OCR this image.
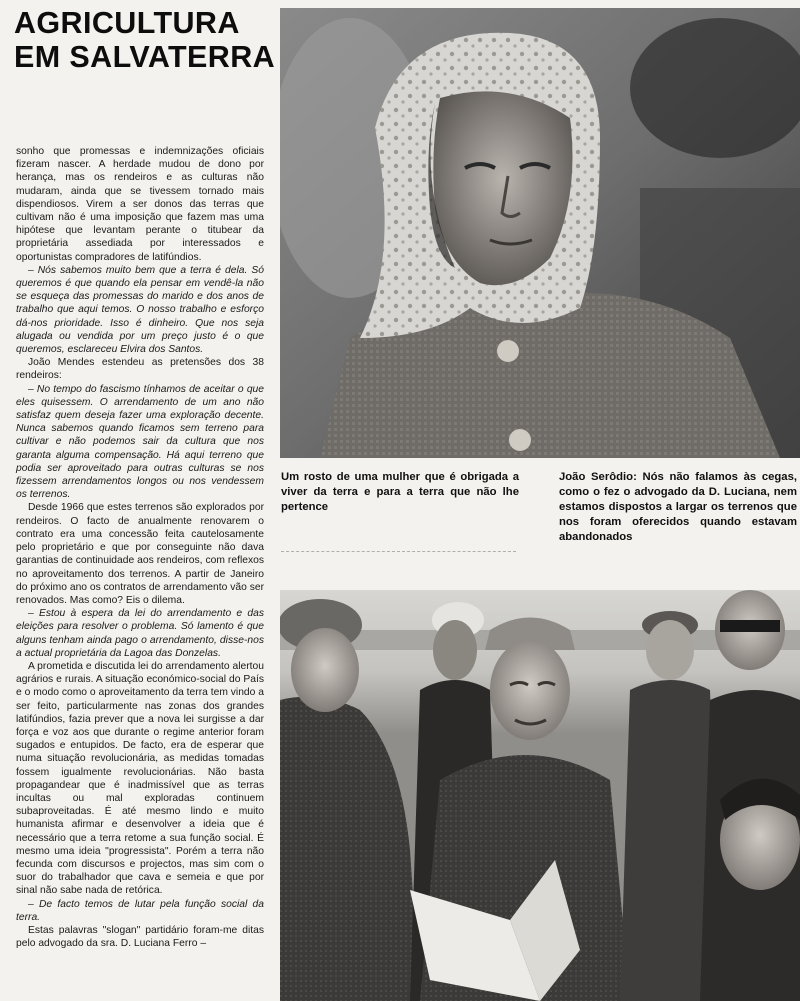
AGRICULTURA
EM SALVATERRA

sonho que promessas e indemnizações oficiais fizeram nascer. A herdade mudou de dono por herança, mas os rendeiros e as culturas não mudaram, ainda que se tivessem tornado mais dispendiosos. Virem a ser donos das terras que cultivam não é uma imposição que fazem mas uma hipótese que levantam perante o titubear da proprietária assediada por interessados e oportunistas compradores de latifúndios.

– Nós sabemos muito bem que a terra é dela. Só queremos é que quando ela pensar em vendê-la não se esqueça das promessas do marido e dos anos de trabalho que aqui temos. O nosso trabalho e esforço dá-nos prioridade. Isso é dinheiro. Que nos seja alugada ou vendida por um preço justo é o que queremos, esclareceu Elvira dos Santos.

João Mendes estendeu as pretensões dos 38 rendeiros:

– No tempo do fascismo tínhamos de aceitar o que eles quisessem. O arrendamento de um ano não satisfaz quem deseja fazer uma exploração decente. Nunca sabemos quando ficamos sem terreno para cultivar e não podemos sair da cultura que nos garanta alguma compensação. Há aqui terreno que podia ser aproveitado para outras culturas se nos fizessem arrendamentos longos ou nos vendessem os terrenos.

Desde 1966 que estes terrenos são explorados por rendeiros. O facto de anualmente renovarem o contrato era uma concessão feita cautelosamente pelo proprietário e que por conseguinte não dava garantias de continuidade aos rendeiros, com reflexos no aproveitamento dos terrenos. A partir de Janeiro do próximo ano os contratos de arrendamento vão ser renovados. Mas como? Eis o dilema.

– Estou à espera da lei do arrendamento e das eleições para resolver o problema. Só lamento é que alguns tenham ainda pago o arrendamento, disse-nos a actual proprietária da Lagoa das Donzelas.

A prometida e discutida lei do arrendamento alertou agrários e rurais. A situação económico-social do País e o modo como o aproveitamento da terra tem vindo a ser feito, particularmente nas zonas dos grandes latifúndios, fazia prever que a nova lei surgisse a dar força e voz aos que durante o regime anterior foram sugados e entupidos. De facto, era de esperar que numa situação revolucionária, as medidas tomadas fossem igualmente revolucionárias. Não basta propagandear que é inadmissível que as terras incultas ou mal exploradas continuem subaproveitadas. É até mesmo lindo e muito humanista afirmar e desenvolver a ideia que é necessário que a terra retome a sua função social. É mesmo uma ideia "progressista". Porém a terra não fecunda com discursos e projectos, mas sim com o suor do trabalhador que cava e semeia e que por sinal não sabe nada de retórica.

– De facto temos de lutar pela função social da terra.

Estas palavras "slogan" partidário foram-me ditas pelo advogado da sra. D. Luciana Ferro –

Um rosto de uma mulher que é obrigada a viver da terra e para a terra que não lhe pertence
João Serôdio: Nós não falamos às cegas, como o fez o advogado da D. Luciana, nem estamos dispostos a largar os terrenos que nos foram oferecidos quando estavam abandonados
